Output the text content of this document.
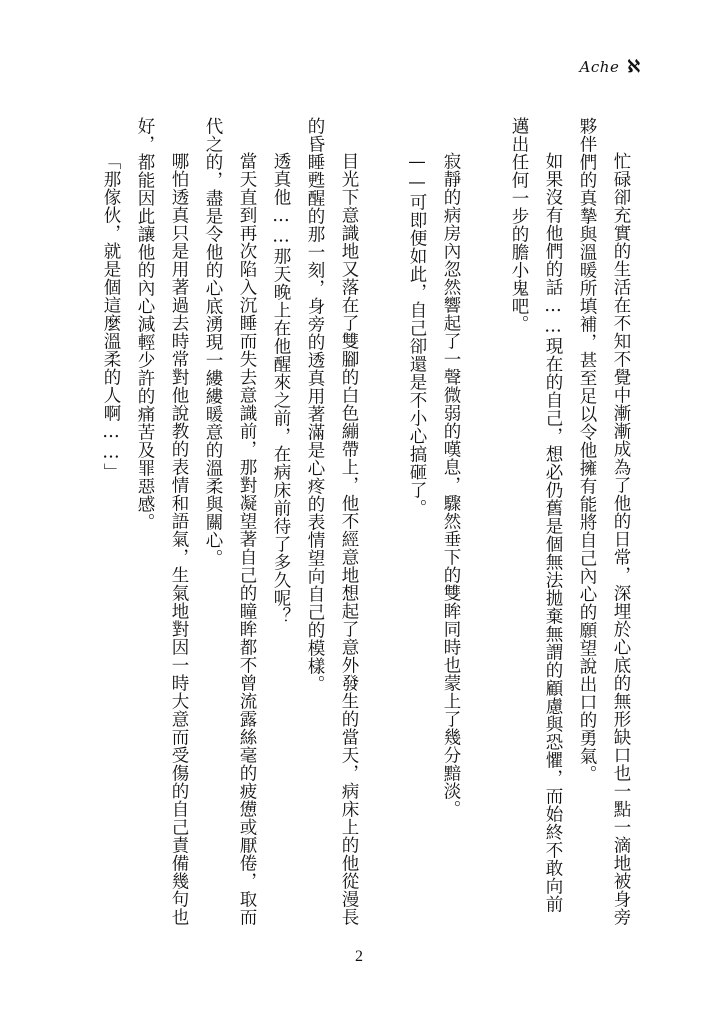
Ache ℵ

忙碌卻充實的生活在不知不覺中漸漸成為了他的日常，深埋於心底的無形缺口也一點一滴地被身旁夥伴們的真摯與溫暖所填補，甚至足以令他擁有能將自己內心的願望說出口的勇氣。

如果沒有他們的話……現在的自己，想必仍舊是個無法拋棄無謂的顧慮與恐懼，而始終不敢向前邁出任何一步的膽小鬼吧。

寂靜的病房內忽然響起了一聲微弱的嘆息，驟然垂下的雙眸同時也蒙上了幾分黯淡。

——可即便如此，自己卻還是不小心搞砸了。

目光下意識地又落在了雙腳的白色繃帶上，他不經意地想起了意外發生的當天，病床上的他從漫長的昏睡甦醒的那一刻，身旁的透真用著滿是心疼的表情望向自己的模樣。

透真他……那天晚上在他醒來之前，在病床前待了多久呢？

當天直到再次陷入沉睡而失去意識前，那對凝望著自己的瞳眸都不曾流露絲毫的疲憊或厭倦，取而代之的，盡是令他的心底湧現一縷縷暖意的溫柔與關心。

哪怕透真只是用著過去時常對他說教的表情和語氣，生氣地對因一時大意而受傷的自己責備幾句也好，都能因此讓他的內心減輕少許的痛苦及罪惡感。

「那傢伙，就是個這麼溫柔的人啊……」

2
